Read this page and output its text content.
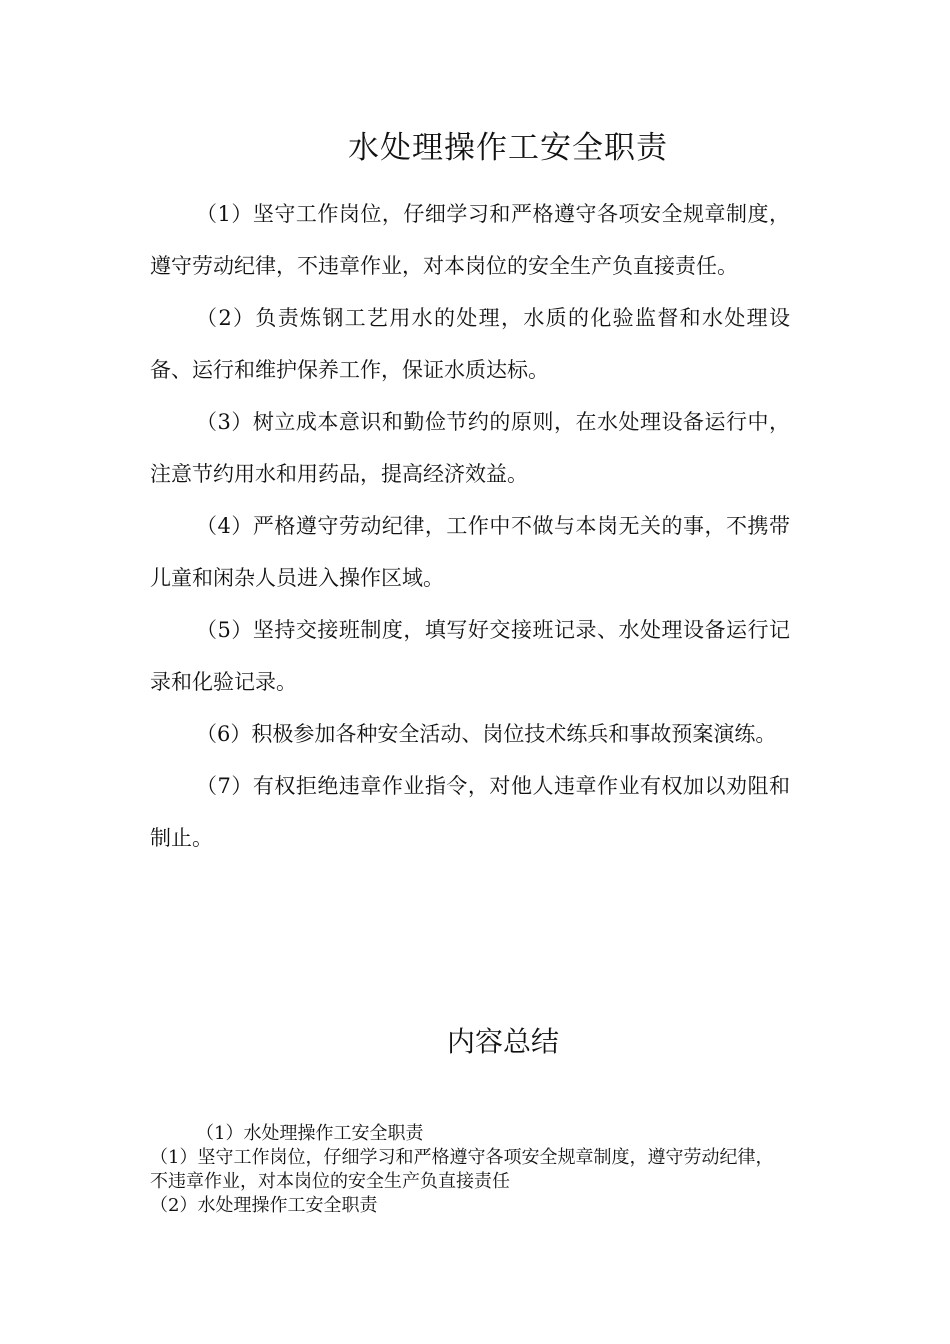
水处理操作工安全职责

（1）坚守工作岗位，仔细学习和严格遵守各项安全规章制度，遵守劳动纪律，不违章作业，对本岗位的安全生产负直接责任。

（2）负责炼钢工艺用水的处理，水质的化验监督和水处理设备、运行和维护保养工作，保证水质达标。

（3）树立成本意识和勤俭节约的原则，在水处理设备运行中，注意节约用水和用药品，提高经济效益。

（4）严格遵守劳动纪律，工作中不做与本岗无关的事，不携带儿童和闲杂人员进入操作区域。

（5）坚持交接班制度，填写好交接班记录、水处理设备运行记录和化验记录。

（6）积极参加各种安全活动、岗位技术练兵和事故预案演练。

（7）有权拒绝违章作业指令，对他人违章作业有权加以劝阻和制止。

内容总结

（1）水处理操作工安全职责

（1）坚守工作岗位，仔细学习和严格遵守各项安全规章制度，遵守劳动纪律，不违章作业，对本岗位的安全生产负直接责任

（2）水处理操作工安全职责
